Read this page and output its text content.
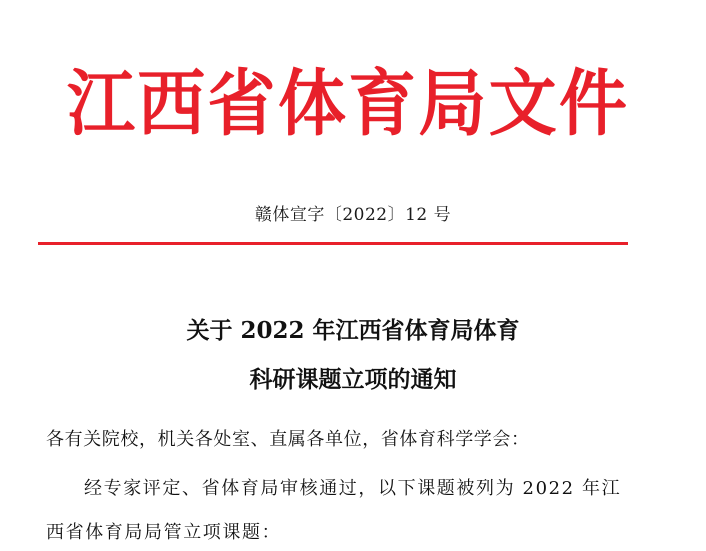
江 西 省 体 育 局 文 件
赣体宣字〔2022〕12 号
关于 2022 年江西省体育局体育
科研课题立项的通知
各有关院校，机关各处室、直属各单位，省体育科学学会：
经专家评定、省体育局审核通过，以下课题被列为 2022 年江
西省体育局局管立项课题：
